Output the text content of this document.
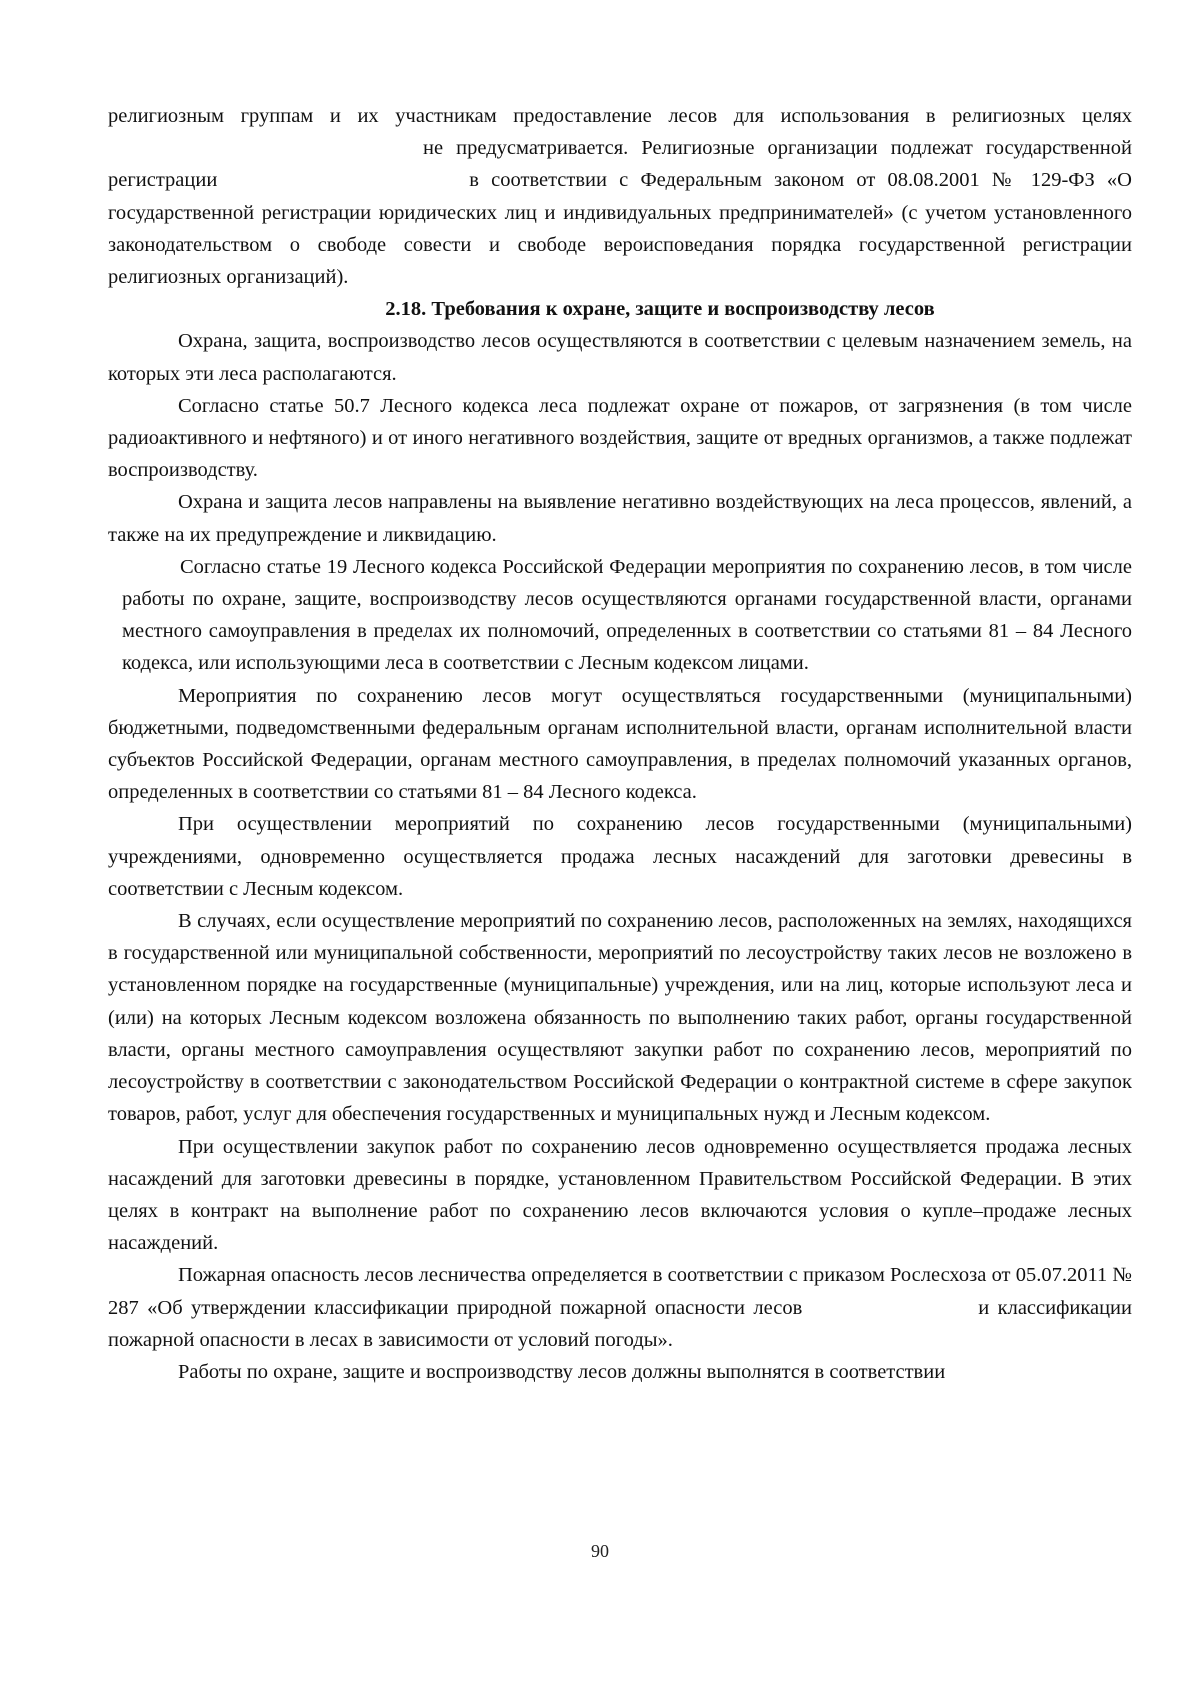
религиозным группам и их участникам предоставление лесов для использования в религиозных целяхне предусматривается. Религиозные организации подлежат государственной регистрации	в соответствии с Федеральным законом от 08.08.2001 № 129-ФЗ «О государственной регистрации юридических лиц и индивидуальных предпринимателей» (с учетом установленного законодательством о свободе совести и свободе вероисповедания порядка государственной регистрации религиозных организаций).

2.18. Требования к охране, защите и воспроизводству лесов

Охрана, защита, воспроизводство лесов осуществляются в соответствии с целевым назначением земель, на которых эти леса располагаются.

Согласно статье 50.7 Лесного кодекса леса подлежат охране от пожаров, от загрязнения (в том числе радиоактивного и нефтяного) и от иного негативного воздействия, защите от вредных организмов, а также подлежат воспроизводству.

Охрана и защита лесов направлены на выявление негативно воздействующих на леса процессов, явлений, а также на их предупреждение и ликвидацию.

Согласно статье 19 Лесного кодекса Российской Федерации мероприятия по сохранению лесов, в том числе работы по охране, защите, воспроизводству лесов осуществляются органами государственной власти, органами местного самоуправления в пределах их полномочий, определенных в соответствии со статьями 81 – 84 Лесного кодекса, или использующими леса в соответствии с Лесным кодексом лицами.

Мероприятия по сохранению лесов могут осуществляться государственными (муниципальными) бюджетными, подведомственными федеральным органам исполнительной власти, органам исполнительной власти субъектов Российской Федерации, органам местного самоуправления, в пределах полномочий указанных органов, определенных в соответствии со статьями 81 – 84 Лесного кодекса.

При осуществлении мероприятий по сохранению лесов государственными (муниципальными) учреждениями, одновременно осуществляется продажа лесных насаждений для заготовки древесины в соответствии с Лесным кодексом.

В случаях, если осуществление мероприятий по сохранению лесов, расположенных на землях, находящихся в государственной или муниципальной собственности, мероприятий по лесоустройству таких лесов не возложено в установленном порядке на государственные (муниципальные) учреждения, или на лиц, которые используют леса и (или) на которых Лесным кодексом возложена обязанность по выполнению таких работ, органы государственной власти, органы местного самоуправления осуществляют закупки работ по сохранению лесов, мероприятий по лесоустройству в соответствии с законодательством Российской Федерации о контрактной системе в сфере закупок товаров, работ, услуг для обеспечения государственных и муниципальных нужд и Лесным кодексом.

При осуществлении закупок работ по сохранению лесов одновременно осуществляется продажа лесных насаждений для заготовки древесины в порядке, установленном Правительством Российской Федерации. В этих целях в контракт на выполнение работ по сохранению лесов включаются условия о купле–продаже лесных насаждений.

Пожарная опасность лесов лесничества определяется в соответствии с приказом Рослесхоза от 05.07.2011 № 287 «Об утверждении классификации природной пожарной опасности лесов	и классификации пожарной опасности в лесах в зависимости от условий погоды».

Работы по охране, защите и воспроизводству лесов должны выполнятся в соответствии

90
